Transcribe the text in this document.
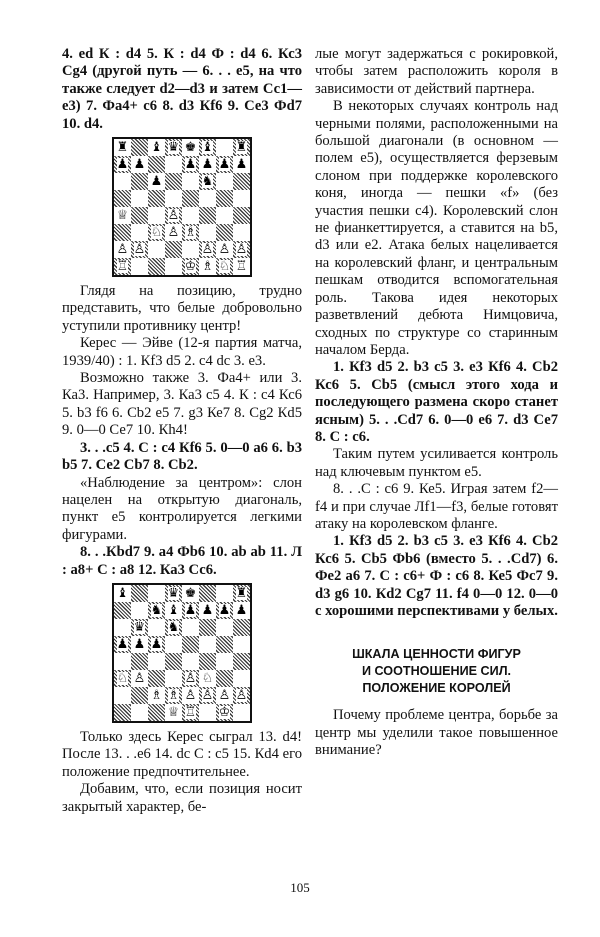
4. ed К : d4 5. К : d4 Ф : d4 6. Кс3 Сg4 (другой путь — 6. . . e5, на что также следует d2—d3 и затем Сс1—е3) 7. Фа4+ с6 8. d3 Кf6 9. Се3 Фd7 10. d4.

♜ ♝ ♛ ♚ ♝ ♜
♟ ♟	♟ ♟ ♟ ♟
♟	♞
♕	♙
♘ ♙ ♗
♙ ♙	♙ ♙ ♙
♖	♔ ♗ ♘ ♖

Глядя на позицию, трудно представить, что белые добровольно уступили противнику центр!

Керес — Эйве (12-я партия матча, 1939/40) : 1. Кf3 d5 2. с4 dc 3. e3.

Возможно также 3. Фа4+ или 3. Ка3. Например, 3. Ка3 с5 4. К : с4 Кс6 5. b3 f6 6. Сb2 е5 7. g3 Ке7 8. Сg2 Кd5 9. 0—0 Се7 10. Кh4!

3. . .с5 4. С : с4 Кf6 5. 0—0 а6 6. b3 b5 7. Се2 Сb7 8. Сb2.

«Наблюдение за центром»: слон нацелен на открытую диагональ, пункт е5 контролируется легкими фигурами.

8. . .Кbd7 9. а4 Фb6 10. ab ab 11. Л : а8+ С : а8 12. Ка3 Сс6.

♝	♛ ♚	♜
♞ ♝ ♟ ♟ ♟ ♟
♛ ♞
♟ ♟ ♟
♘ ♙	♙ ♘
♗ ♗ ♙ ♙ ♙ ♙
♕ ♖ ♔

Только здесь Керес сыграл 13. d4! После 13. . .е6 14. dc С : с5 15. Кd4 его положение предпочтительнее.

Добавим, что, если позиция носит закрытый характер, бе-

лые могут задержаться с рокировкой, чтобы затем расположить короля в зависимости от действий партнера.

В некоторых случаях контроль над черными полями, расположенными на большой диагонали (в основном — полем е5), осуществляется ферзевым слоном при поддержке королевского коня, иногда — пешки «f» (без участия пешки с4). Королевский слон не фианкеттируется, а ставится на b5, d3 или е2. Атака белых нацеливается на королевский фланг, и центральным пешкам отводится вспомогательная роль. Такова идея некоторых разветвлений дебюта Нимцовича, сходных по структуре со старинным началом Берда.

1. Кf3 d5 2. b3 с5 3. e3 Кf6 4. Сb2 Кс6 5. Сb5 (смысл этого хода и последующего размена скоро станет ясным) 5. . .Сd7 6. 0—0 е6 7. d3 Се7 8. С : с6.

Таким путем усиливается контроль над ключевым пунктом е5.

8. . .С : с6 9. Ке5. Играя затем f2—f4 и при случае Лf1—f3, белые готовят атаку на королевском фланге.

1. Кf3 d5 2. b3 с5 3. e3 Кf6 4. Сb2 Кс6 5. Сb5 Фb6 (вместо 5. . .Сd7) 6. Фе2 а6 7. С : с6+ Ф : с6 8. Ке5 Фс7 9. d3 g6 10. Кd2 Сg7 11. f4 0—0 12. 0—0 с хорошими перспективами у белых.

ШКАЛА ЦЕННОСТИ ФИГУР
И СООТНОШЕНИЕ СИЛ.
ПОЛОЖЕНИЕ КОРОЛЕЙ

Почему проблеме центра, борьбе за центр мы уделили такое повышенное внимание?

105
